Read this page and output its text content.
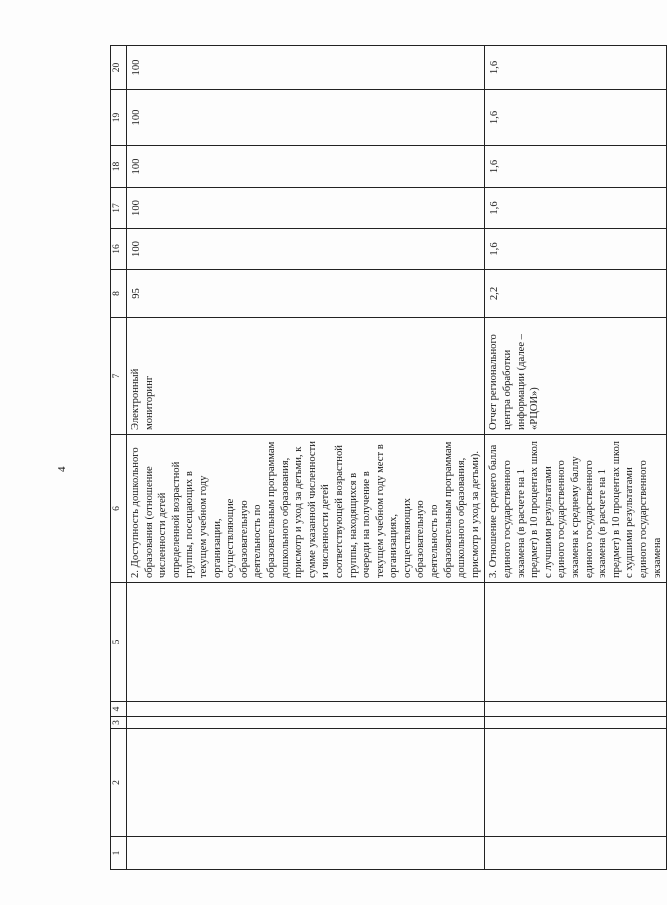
4
1	2	3	4	5	6	7	8	16	17	18	19	20
					2. Доступность дошкольного образования (отношение численности детей определенной возрастной группы, посещающих в текущем учебном году организации, осуществляющие образовательную деятельность по образовательным программам дошкольного образования, присмотр и уход за детьми, к сумме указанной численности и численности детей соответствующей возрастной группы, находящихся в очереди на получение в текущем учебном году мест в организациях, осуществляющих образовательную деятельность по образовательным программам дошкольного образования, присмотр и уход за детьми).	Электронный мониторинг	95	100	100	100	100	100
					3. Отношение среднего балла единого государственного экзамена (в расчете на 1 предмет) в 10 процентах школ с лучшими результатами единого государственного экзамена к среднему баллу единого государственного экзамена (в расчете на 1 предмет) в 10 процентах школ с худшими результатами единого государственного экзамена	Отчет регионального центра обработки информации (далее – «РЦОИ»)	2,2	1,6	1,6	1,6	1,6	1,6
